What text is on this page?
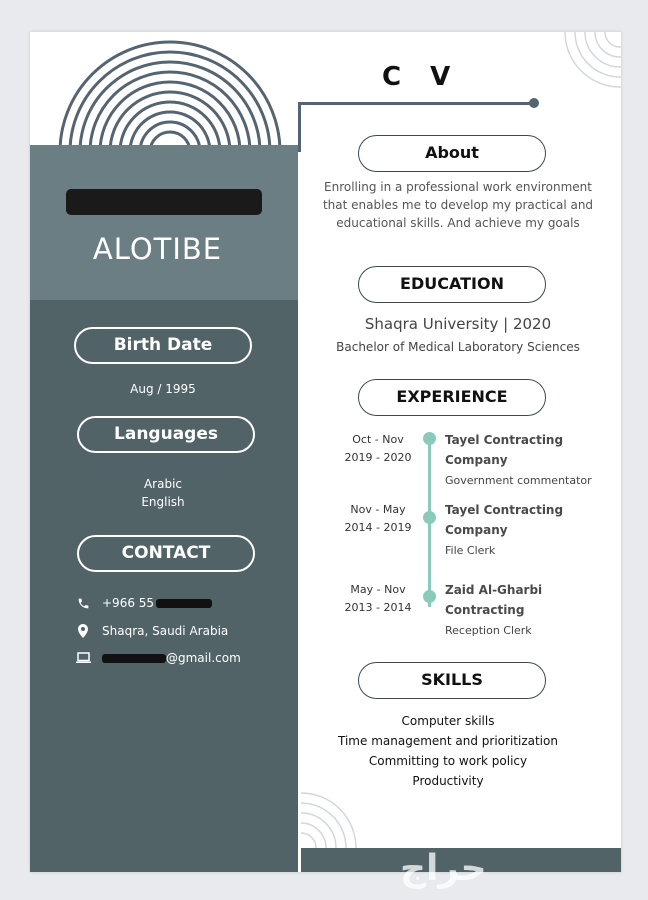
C V
ALOTIBE
Birth Date
Aug / 1995
Languages
Arabic
English
CONTACT
+966 55
Shaqra, Saudi Arabia
@gmail.com
About
Enrolling in a professional work environment that enables me to develop my practical and educational skills. And achieve my goals
EDUCATION
Shaqra University | 2020
Bachelor of Medical Laboratory Sciences
EXPERIENCE
Oct - Nov
2019 - 2020
Tayel Contracting Company
Government commentator
Nov - May
2014 - 2019
Tayel Contracting Company
File Clerk
May - Nov
2013 - 2014
Zaid Al-Gharbi Contracting
Reception Clerk
SKILLS
Computer skills
Time management and prioritization
Committing to work policy
Productivity
حراج
